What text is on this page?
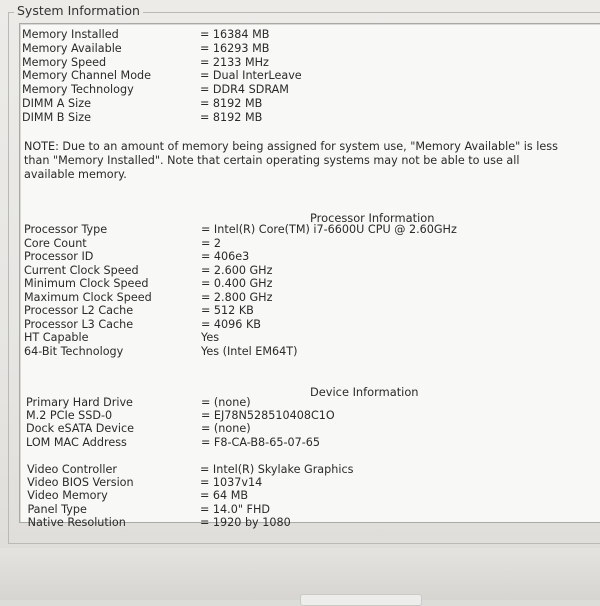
System Information
Memory Installed	= 16384 MB
Memory Available	= 16293 MB
Memory Speed	= 2133 MHz
Memory Channel Mode	= Dual InterLeave
Memory Technology	= DDR4 SDRAM
DIMM A Size	= 8192 MB
DIMM B Size	= 8192 MB
NOTE: Due to an amount of memory being assigned for system use, "Memory Available" is less
than "Memory Installed". Note that certain operating systems may not be able to use all
available memory.
Processor Information
Processor Type	= Intel(R) Core(TM) i7-6600U CPU @ 2.60GHz
Core Count	= 2
Processor ID	= 406e3
Current Clock Speed	= 2.600 GHz
Minimum Clock Speed	= 0.400 GHz
Maximum Clock Speed	= 2.800 GHz
Processor L2 Cache	= 512 KB
Processor L3 Cache	= 4096 KB
HT Capable	Yes
64-Bit Technology	Yes (Intel EM64T)
Device Information
Primary Hard Drive	= (none)
M.2 PCIe SSD-0	= EJ78N528510408C1O
Dock eSATA Device	= (none)
LOM MAC Address	= F8-CA-B8-65-07-65
Video Controller	= Intel(R) Skylake Graphics
Video BIOS Version	= 1037v14
Video Memory	= 64 MB
Panel Type	= 14.0" FHD
Native Resolution	= 1920 by 1080
